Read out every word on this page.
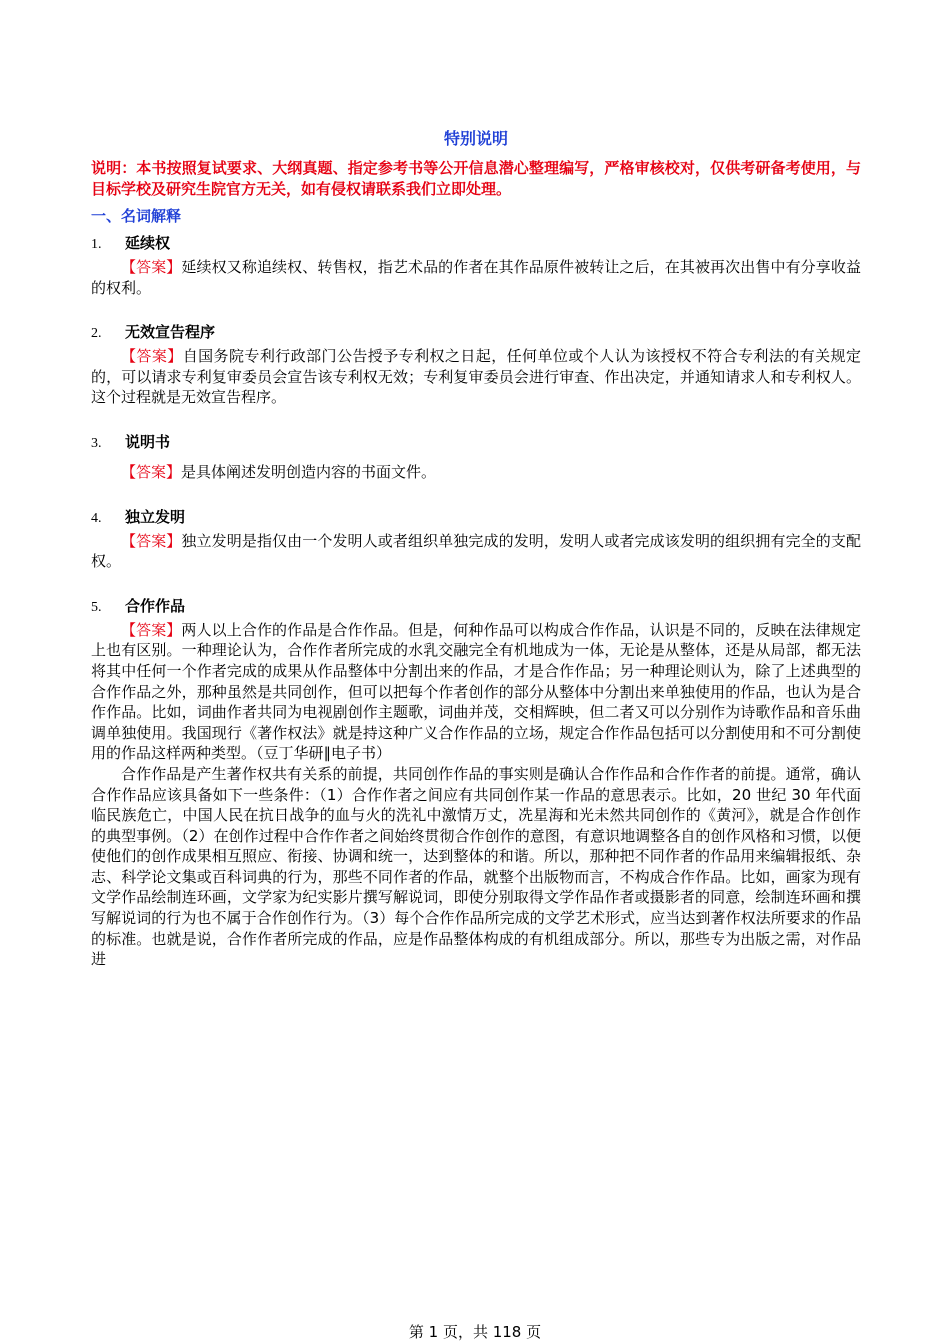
特别说明
说明：本书按照复试要求、大纲真题、指定参考书等公开信息潜心整理编写，严格审核校对，仅供考研备考使用，与目标学校及研究生院官方无关，如有侵权请联系我们立即处理。
一、名词解释
1.	延续权

【答案】延续权又称追续权、转售权，指艺术品的作者在其作品原件被转让之后，在其被再次出售中有分享收益的权利。

2.	无效宣告程序

【答案】自国务院专利行政部门公告授予专利权之日起，任何单位或个人认为该授权不符合专利法的有关规定的，可以请求专利复审委员会宣告该专利权无效；专利复审委员会进行审查、作出决定，并通知请求人和专利权人。这个过程就是无效宣告程序。

3.	说明书

【答案】是具体阐述发明创造内容的书面文件。

4.	独立发明

【答案】独立发明是指仅由一个发明人或者组织单独完成的发明，发明人或者完成该发明的组织拥有完全的支配权。

5.	合作作品

【答案】两人以上合作的作品是合作作品。但是，何种作品可以构成合作作品，认识是不同的，反映在法律规定上也有区别。一种理论认为，合作作者所完成的水乳交融完全有机地成为一体，无论是从整体，还是从局部，都无法将其中任何一个作者完成的成果从作品整体中分割出来的作品，才是合作作品；另一种理论则认为，除了上述典型的合作作品之外，那种虽然是共同创作，但可以把每个作者创作的部分从整体中分割出来单独使用的作品，也认为是合作作品。比如，词曲作者共同为电视剧创作主题歌，词曲并茂，交相辉映，但二者又可以分别作为诗歌作品和音乐曲调单独使用。我国现行《著作权法》就是持这种广义合作作品的立场，规定合作作品包括可以分割使用和不可分割使用的作品这样两种类型。（豆丁华研∥电子书）

合作作品是产生著作权共有关系的前提，共同创作作品的事实则是确认合作作品和合作作者的前提。通常，确认合作作品应该具备如下一些条件：（1）合作作者之间应有共同创作某一作品的意思表示。比如，20 世纪 30 年代面临民族危亡，中国人民在抗日战争的血与火的洗礼中激情万丈，冼星海和光未然共同创作的《黄河》，就是合作创作的典型事例。（2）在创作过程中合作作者之间始终贯彻合作创作的意图，有意识地调整各自的创作风格和习惯，以便使他们的创作成果相互照应、衔接、协调和统一，达到整体的和谐。所以，那种把不同作者的作品用来编辑报纸、杂志、科学论文集或百科词典的行为，那些不同作者的作品，就整个出版物而言，不构成合作作品。比如，画家为现有文学作品绘制连环画，文学家为纪实影片撰写解说词，即使分别取得文学作品作者或摄影者的同意，绘制连环画和撰写解说词的行为也不属于合作创作行为。（3）每个合作作品所完成的文学艺术形式，应当达到著作权法所要求的作品的标准。也就是说，合作作者所完成的作品，应是作品整体构成的有机组成部分。所以，那些专为出版之需，对作品进

第 1 页，共 118 页
